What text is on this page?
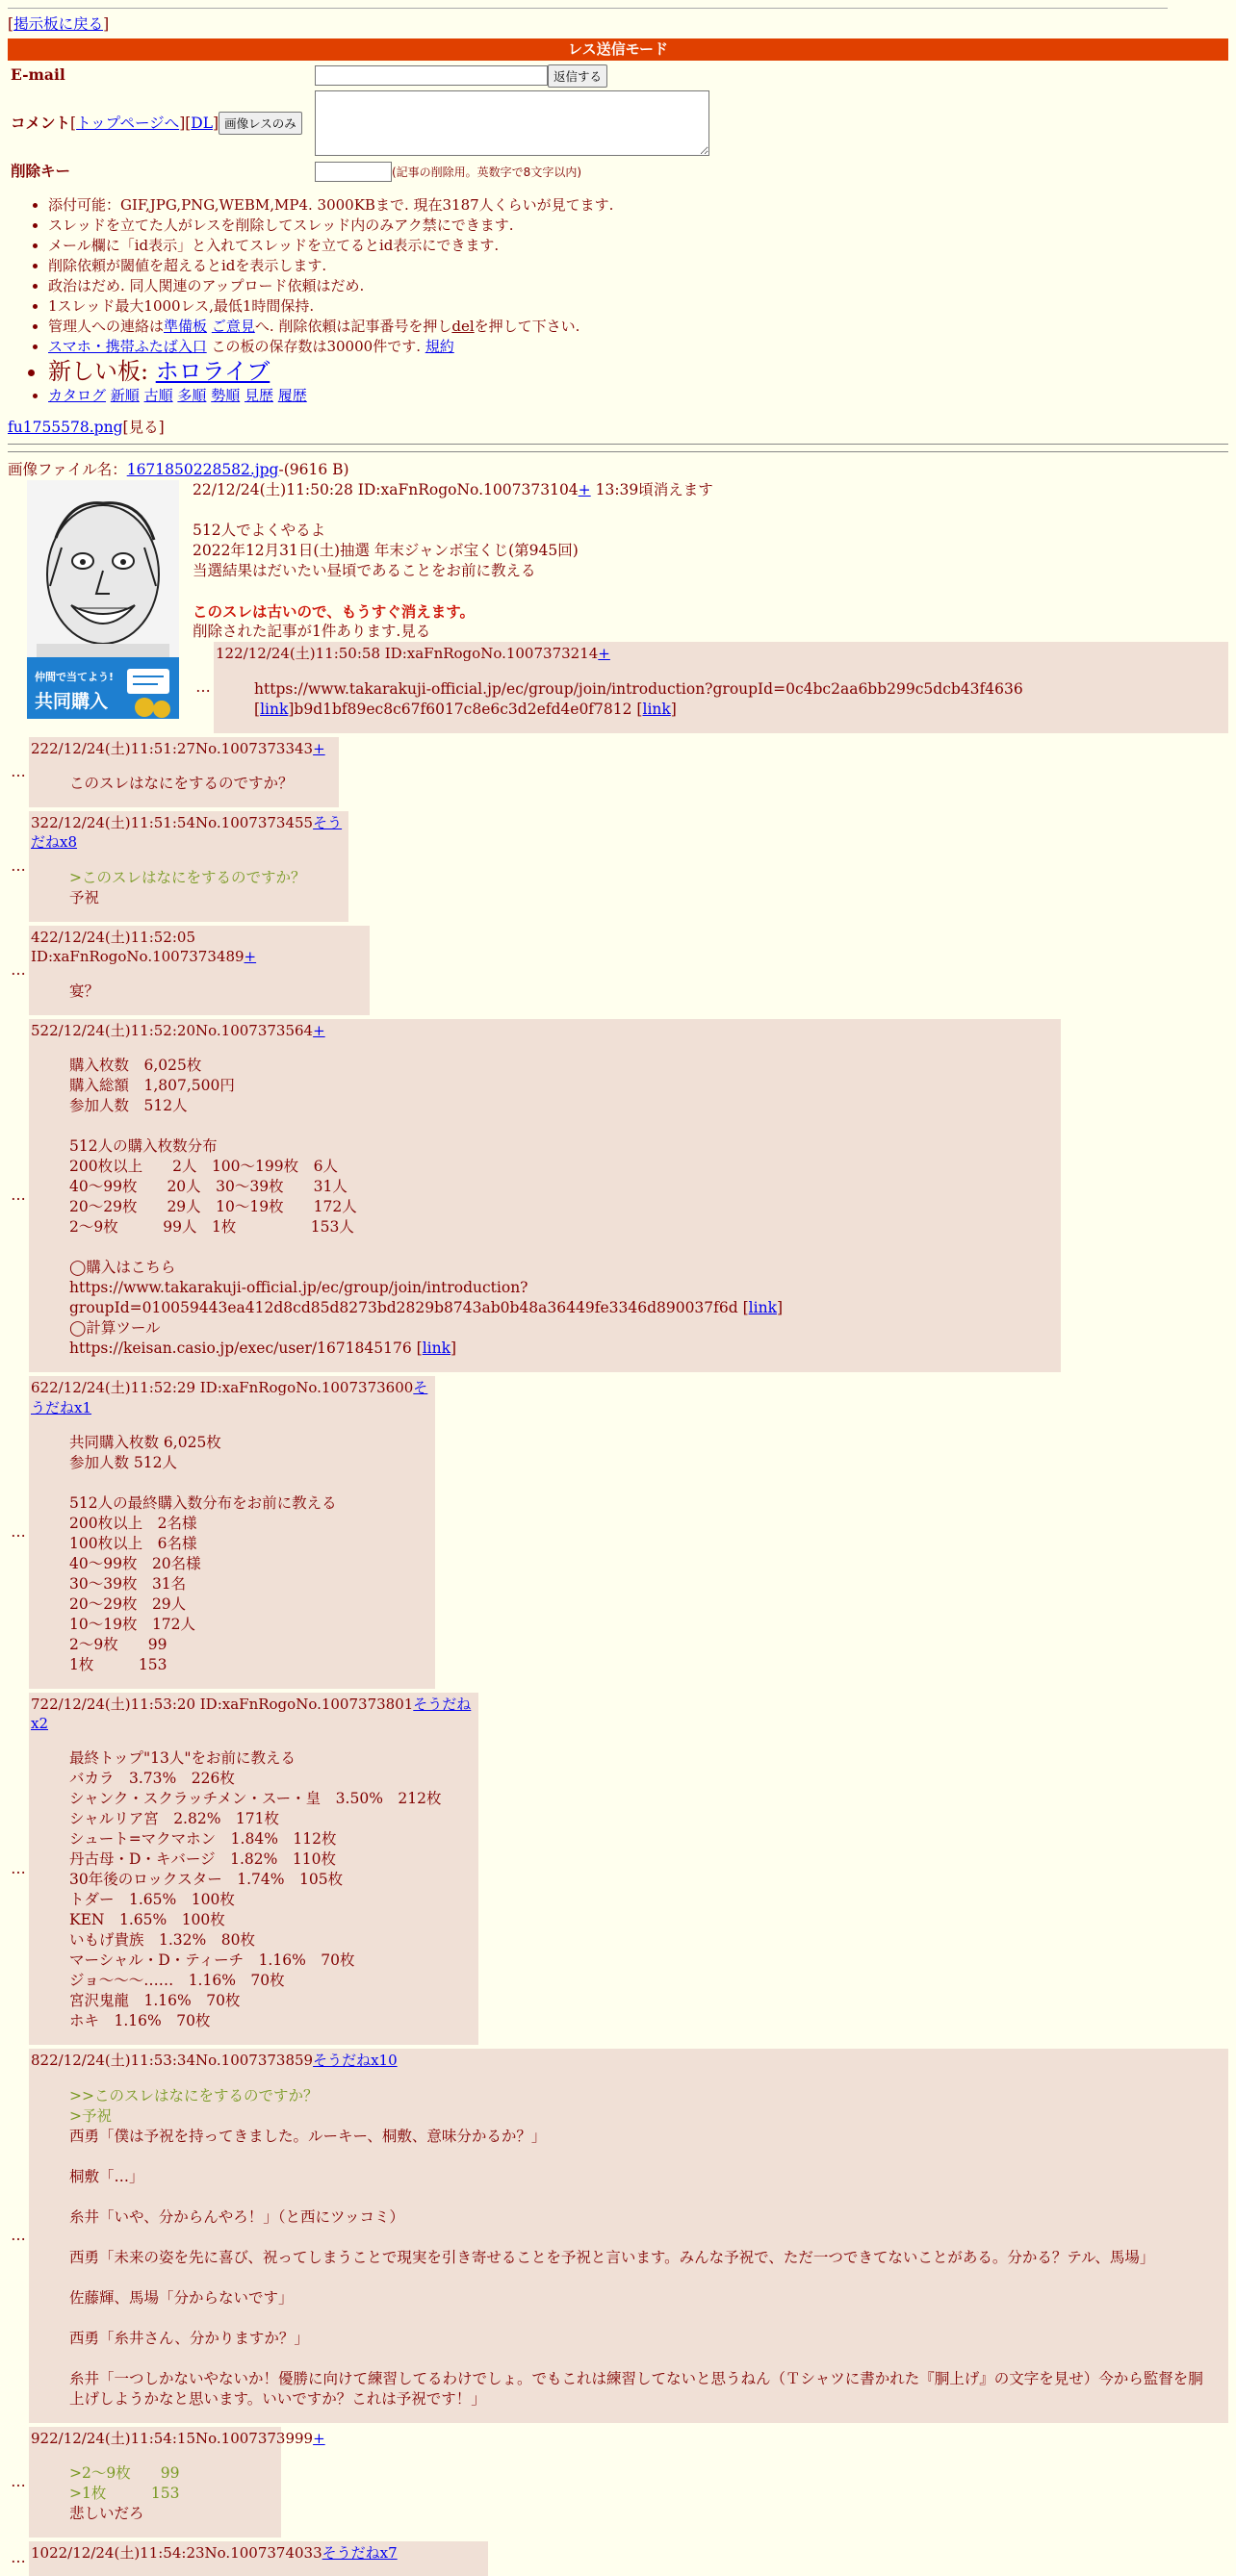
[掲示板に戻る]
レス送信モード
E-mail	返信する
コメント[トップページへ][DL] 画像レスのみ
削除キー	(記事の削除用。英数字で8文字以内)
• 添付可能：GIF,JPG,PNG,WEBM,MP4. 3000KBまで. 現在3187人くらいが見てます.
• スレッドを立てた人がレスを削除してスレッド内のみアク禁にできます.
• メール欄に「id表示」と入れてスレッドを立てるとid表示にできます.
• 削除依頼が閾値を超えるとidを表示します.
• 政治はだめ. 同人関連のアップロード依頼はだめ.
• 1スレッド最大1000レス,最低1時間保持.
• 管理人への連絡は準備板 ご意見へ. 削除依頼は記事番号を押しdelを押して下さい.
• スマホ・携帯ふたば入口 この板の保存数は30000件です. 規約
• 新しい板: ホロライブ
• カタログ 新順 古順 多順 勢順 見歴 履歴
fu1755578.png[見る]
画像ファイル名：1671850228582.jpg-(9616 B)
仲間で当てよう!
共同購入
22/12/24(土)11:50:28 ID:xaFnRogoNo.1007373104+ 13:39頃消えます
512人でよくやるよ
2022年12月31日(土)抽選 年末ジャンボ宝くじ(第945回)
当選結果はだいたい昼頃であることをお前に教える
このスレは古いので、もうすぐ消えます。
削除された記事が1件あります.見る
…
122/12/24(土)11:50:58 ID:xaFnRogoNo.1007373214+
https://www.takarakuji-official.jp/ec/group/join/introduction?groupId=0c4bc2aa6bb299c5dcb43f4636 [link]b9d1bf89ec8c67f6017c8e6c3d2efd4e0f7812 [link]
…
222/12/24(土)11:51:27No.1007373343+
このスレはなにをするのですか？
…
322/12/24(土)11:51:54No.1007373455そうだねx8
>このスレはなにをするのですか？
予祝
…
422/12/24(土)11:52:05 ID:xaFnRogoNo.1007373489+
宴？
…
522/12/24(土)11:52:20No.1007373564+
購入枚数　6,025枚
購入総額　1,807,500円
参加人数　512人
512人の購入枚数分布
200枚以上　　2人　100～199枚　6人
40～99枚　　20人　30～39枚　　31人
20～29枚　　29人　10～19枚　　172人
2～9枚　　　99人　1枚　　　　　153人
◯購入はこちら
https://www.takarakuji-official.jp/ec/group/join/introduction?groupId=010059443ea412d8cd85d8273bd2829b8743ab0b48a36449fe3346d890037f6d [link]
◯計算ツール
https://keisan.casio.jp/exec/user/1671845176 [link]
…
622/12/24(土)11:52:29 ID:xaFnRogoNo.1007373600そうだねx1
共同購入枚数 6,025枚
参加人数 512人
512人の最終購入数分布をお前に教える
200枚以上　2名様
100枚以上　6名様
40～99枚　20名様
30～39枚　31名
20～29枚　29人
10～19枚　172人
2～9枚　　99
1枚　　　153
…
722/12/24(土)11:53:20 ID:xaFnRogoNo.1007373801そうだねx2
最終トップ"13人"をお前に教える
バカラ　3.73%　226枚
シャンク・スクラッチメン・スー・皇　3.50%　212枚
シャルリア宮　2.82%　171枚
シュート=マクマホン　1.84%　112枚
丹古母・D・キバージ　1.82%　110枚
30年後のロックスター　1.74%　105枚
トダー　1.65%　100枚
KEN　1.65%　100枚
いもげ貴族　1.32%　80枚
マーシャル・D・ティーチ　1.16%　70枚
ジョ〜〜〜……　1.16%　70枚
宮沢鬼龍　1.16%　70枚
ホキ　1.16%　70枚
…
822/12/24(土)11:53:34No.1007373859そうだねx10
>>このスレはなにをするのですか？
>予祝
西勇「僕は予祝を持ってきました。ルーキー、桐敷、意味分かるか？」
桐敷「…」
糸井「いや、分からんやろ！」（と西にツッコミ）
西勇「未来の姿を先に喜び、祝ってしまうことで現実を引き寄せることを予祝と言います。みんな予祝で、ただ一つできてないことがある。分かる？テル、馬場」
佐藤輝、馬場「分からないです」
西勇「糸井さん、分かりますか？」
糸井「一つしかないやないか！優勝に向けて練習してるわけでしょ。でもこれは練習してないと思うねん（Ｔシャツに書かれた『胴上げ』の文字を見せ）今から監督を胴上げしようかなと思います。いいですか？これは予祝です！」
…
922/12/24(土)11:54:15No.1007373999+
>2～9枚　　99
>1枚　　　153
悲しいだろ
… 1022/12/24(土)11:54:23No.1007374033そうだねx7
